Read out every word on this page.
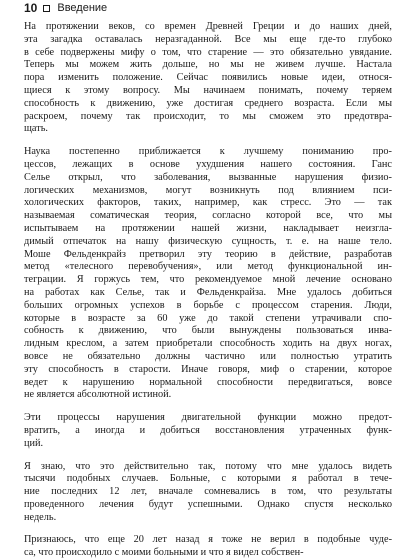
10 Введение
На протяжении веков, со времен Древней Греции и до наших дней,
эта загадка оставалась неразгаданной. Все мы еще где-то глубоко
в себе подвержены мифу о том, что старение — это обязательно увядание.
Теперь мы можем жить дольше, но мы не живем лучше. Настала
пора изменить положение. Сейчас появились новые идеи, относя-
щиеся к этому вопросу. Мы начинаем понимать, почему теряем
способность к движению, уже достигая среднего возраста. Если мы
раскроем, почему так происходит, то мы сможем это предотвра-
щать.
Наука постепенно приближается к лучшему пониманию про-
цессов, лежащих в основе ухудшения нашего состояния. Ганс
Селье открыл, что заболевания, вызванные нарушения физио-
логических механизмов, могут возникнуть под влиянием пси-
хологических факторов, таких, например, как стресс. Это — так
называемая соматическая теория, согласно которой все, что мы
испытываем на протяжении нашей жизни, накладывает неизгла-
димый отпечаток на нашу физическую сущность, т. е. на наше тело.
Моше Фельденкрайз претворил эту теорию в действие, разработав
метод «телесного перевобучения», или метод функциональной ин-
теграции. Я горжусь тем, что рекомендуемое мной лечение основано
на работах как Селье, так и Фельденкрайза. Мне удалось добиться
больших огромных успехов в борьбе с процессом старения. Люди,
которые в возрасте за 60 уже до такой степени утрачивали спо-
собность к движению, что были вынуждены пользоваться инва-
лидным креслом, а затем приобретали способность ходить на двух ногах,
вовсе не обязательно должны частично или полностью утратить
эту способность в старости. Иначе говоря, миф о старении, которое
ведет к нарушению нормальной способности передвигаться, вовсе
не является абсолютной истиной.
Эти процессы нарушения двигательной функции можно предот-
вратить, а иногда и добиться восстановления утраченных функ-
ций.
Я знаю, что это действительно так, потому что мне удалось видеть
тысячи подобных случаев. Больные, с которыми я работал в тече-
ние последних 12 лет, вначале сомневались в том, что результаты
проведенного лечения будут успешными. Однако спустя несколько
недель.
Признаюсь, что еще 20 лет назад я тоже не верил в подобные чуде-
са, что происходило с моими больными и что я видел собствен-
